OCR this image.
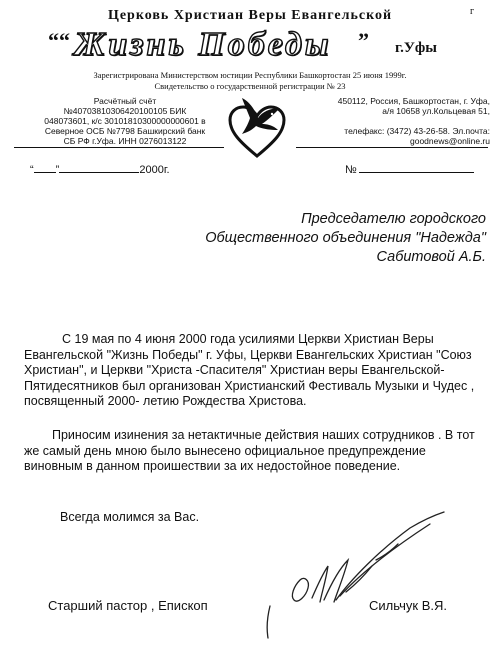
Церковь Христиан Веры Евангельской	г
““ Жизнь Победы ” г.Уфы
Зарегистрирована Министерством юстиции Республики Башкортостан 25 июня 1999г.
Свидетельство о государственной регистрации № 23
Расчётный счёт
№40703810306420100105 БИК
048073601, к/с 30101810300000000601 в
Северное ОСБ №7798 Башкирский банк
СБ РФ г.Уфа. ИНН 0276013122
450112, Россия, Башкортостан, г. Уфа,
а/я 10658 ул.Кольцевая 51,

телефакс: (3472) 43-26-58. Эл.почта:
goodnews@online.ru
“ ”	2000г.	№
Председателю городского
Общественного объединения "Надежда"
Сабитовой А.Б.
С 19 мая по 4 июня 2000 года усилиями Церкви Христиан Веры Евангельской "Жизнь Победы" г. Уфы, Церкви Евангельских Христиан "Союз Христиан", и Церкви "Христа -Спасителя" Христиан веры Евангельской- Пятидесятников был организован Христианский Фестиваль Музыки и Чудес , посвященный 2000- летию Рождества Христова.
Приносим изинения за нетактичные действия наших сотрудников . В тот же самый день мною было вынесено официальное предупреждение виновным в данном проишествии за их недостойное поведение.
Всегда молимся за Вас.
Старший пастор , Епископ	Сильчук В.Я.
